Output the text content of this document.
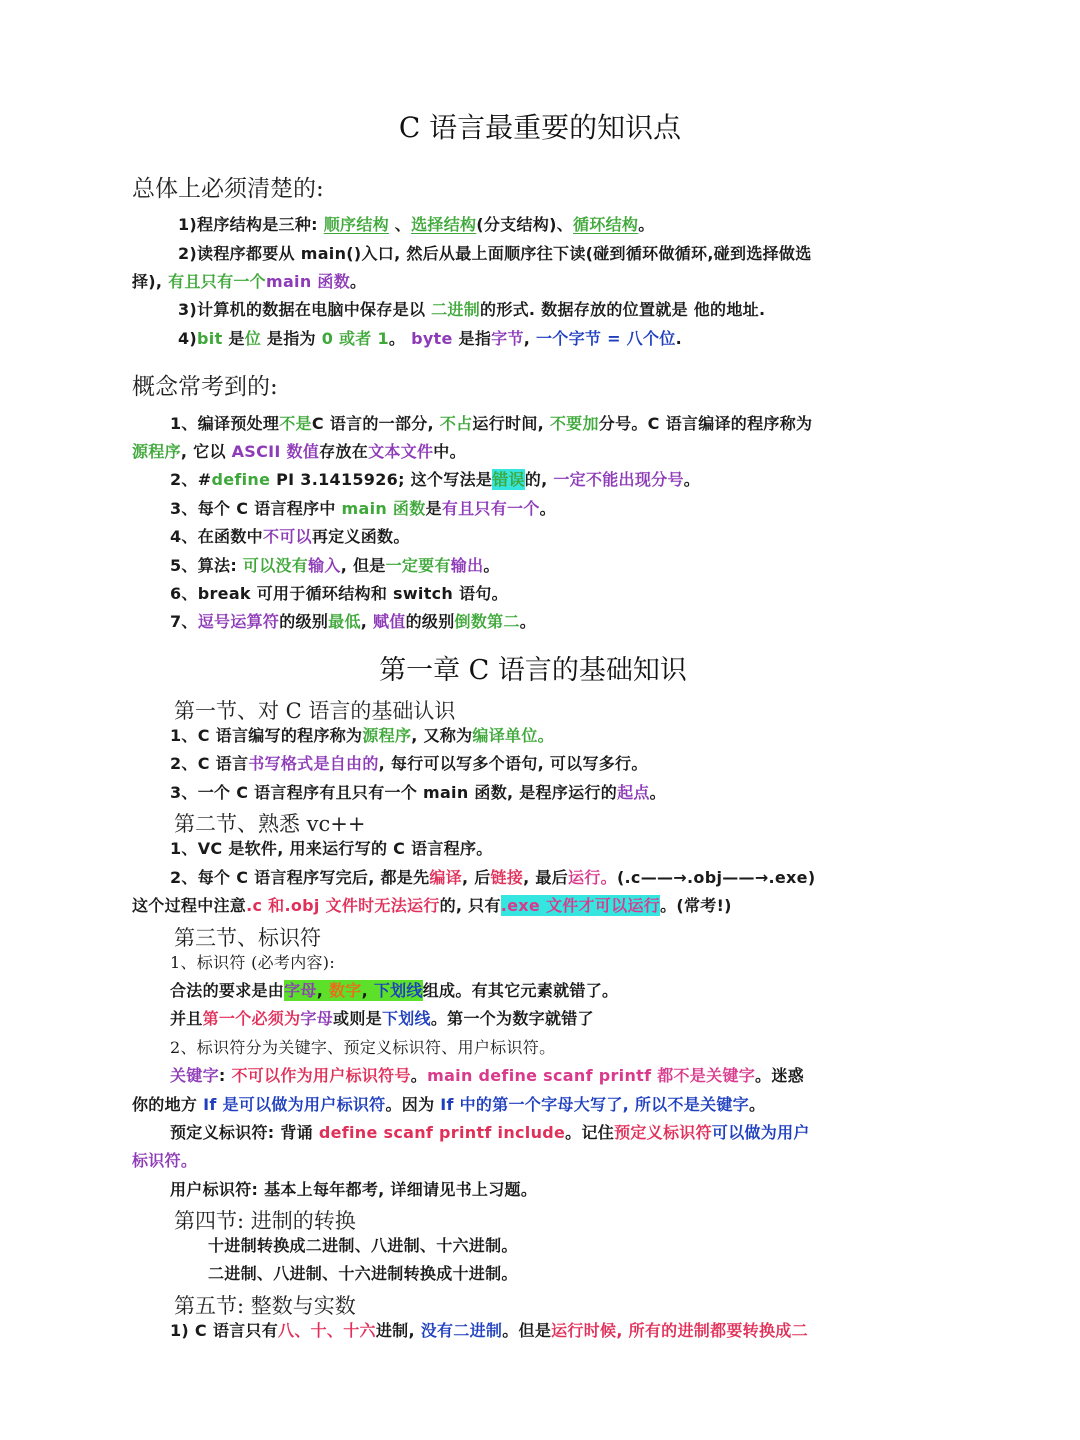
C 语言最重要的知识点
总体上必须清楚的:
1)程序结构是三种: 顺序结构 、选择结构(分支结构)、循环结构。
2)读程序都要从 main()入口, 然后从最上面顺序往下读(碰到循环做循环,碰到选择做选
择), 有且只有一个main 函数。
3)计算机的数据在电脑中保存是以 二进制的形式. 数据存放的位置就是 他的地址.
4)bit 是位 是指为 0 或者 1。 byte 是指字节, 一个字节 = 八个位.
概念常考到的:
1、编译预处理不是C 语言的一部分, 不占运行时间, 不要加分号。C 语言编译的程序称为
源程序, 它以 ASCII 数值存放在文本文件中。
2、#define PI 3.1415926; 这个写法是错误的, 一定不能出现分号。
3、每个 C 语言程序中 main 函数是有且只有一个。
4、在函数中不可以再定义函数。
5、算法: 可以没有输入, 但是一定要有输出。
6、break 可用于循环结构和 switch 语句。
7、逗号运算符的级别最低, 赋值的级别倒数第二。
第一章 C 语言的基础知识
第一节、对 C 语言的基础认识
1、C 语言编写的程序称为源程序, 又称为编译单位。
2、C 语言书写格式是自由的, 每行可以写多个语句, 可以写多行。
3、一个 C 语言程序有且只有一个 main 函数, 是程序运行的起点。
第二节、熟悉 vc++
1、VC 是软件, 用来运行写的 C 语言程序。
2、每个 C 语言程序写完后, 都是先编译, 后链接, 最后运行。(.c——→.obj——→.exe)
这个过程中注意.c 和.obj 文件时无法运行的, 只有.exe 文件才可以运行。(常考!)
第三节、标识符
1、标识符 (必考内容):
合法的要求是由字母, 数字, 下划线组成。有其它元素就错了。
并且第一个必须为字母或则是下划线。第一个为数字就错了
2、标识符分为关键字、预定义标识符、用户标识符。
关键字: 不可以作为用户标识符号。main define scanf printf 都不是关键字。迷惑
你的地方 If 是可以做为用户标识符。因为 If 中的第一个字母大写了, 所以不是关键字。
预定义标识符: 背诵 define scanf printf include。记住预定义标识符可以做为用户
标识符。
用户标识符: 基本上每年都考, 详细请见书上习题。
第四节: 进制的转换
十进制转换成二进制、八进制、十六进制。
二进制、八进制、十六进制转换成十进制。
第五节: 整数与实数
1) C 语言只有八、十、十六进制, 没有二进制。但是运行时候, 所有的进制都要转换成二
